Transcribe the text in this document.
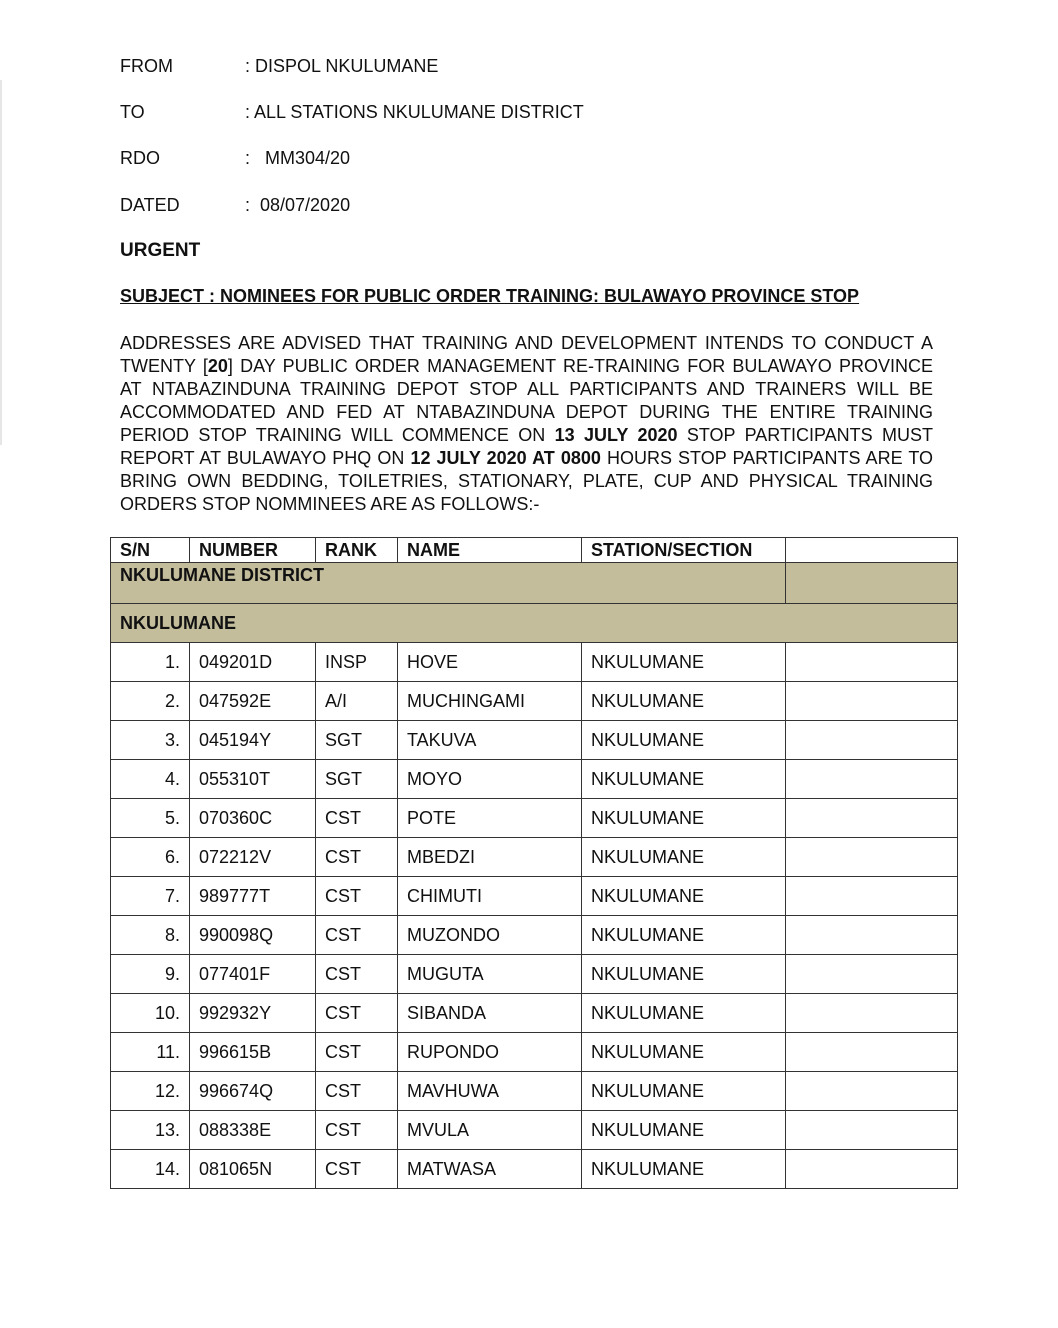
FROM	: DISPOL NKULUMANE
TO	: ALL STATIONS NKULUMANE DISTRICT
RDO	:   MM304/20
DATED	:  08/07/2020
URGENT
SUBJECT : NOMINEES FOR PUBLIC ORDER TRAINING: BULAWAYO PROVINCE STOP
ADDRESSES ARE ADVISED THAT TRAINING AND DEVELOPMENT INTENDS TO CONDUCT A TWENTY [20] DAY PUBLIC ORDER MANAGEMENT RE-TRAINING FOR BULAWAYO PROVINCE AT NTABAZINDUNA TRAINING DEPOT STOP ALL PARTICIPANTS AND TRAINERS WILL BE ACCOMMODATED AND FED AT NTABAZINDUNA DEPOT DURING THE ENTIRE TRAINING PERIOD STOP TRAINING WILL COMMENCE ON 13 JULY 2020 STOP PARTICIPANTS MUST REPORT AT BULAWAYO PHQ ON 12 JULY 2020 AT 0800 HOURS STOP PARTICIPANTS ARE TO BRING OWN BEDDING, TOILETRIES, STATIONARY, PLATE, CUP AND PHYSICAL TRAINING ORDERS STOP NOMMINEES ARE AS FOLLOWS:-
S/N	NUMBER	RANK	NAME	STATION/SECTION	
NKULUMANE DISTRICT					
NKULUMANE					
1.	049201D	INSP	HOVE	NKULUMANE	
2.	047592E	A/I	MUCHINGAMI	NKULUMANE	
3.	045194Y	SGT	TAKUVA	NKULUMANE	
4.	055310T	SGT	MOYO	NKULUMANE	
5.	070360C	CST	POTE	NKULUMANE	
6.	072212V	CST	MBEDZI	NKULUMANE	
7.	989777T	CST	CHIMUTI	NKULUMANE	
8.	990098Q	CST	MUZONDO	NKULUMANE	
9.	077401F	CST	MUGUTA	NKULUMANE	
10.	992932Y	CST	SIBANDA	NKULUMANE	
11.	996615B	CST	RUPONDO	NKULUMANE	
12.	996674Q	CST	MAVHUWA	NKULUMANE	
13.	088338E	CST	MVULA	NKULUMANE	
14.	081065N	CST	MATWASA	NKULUMANE	
